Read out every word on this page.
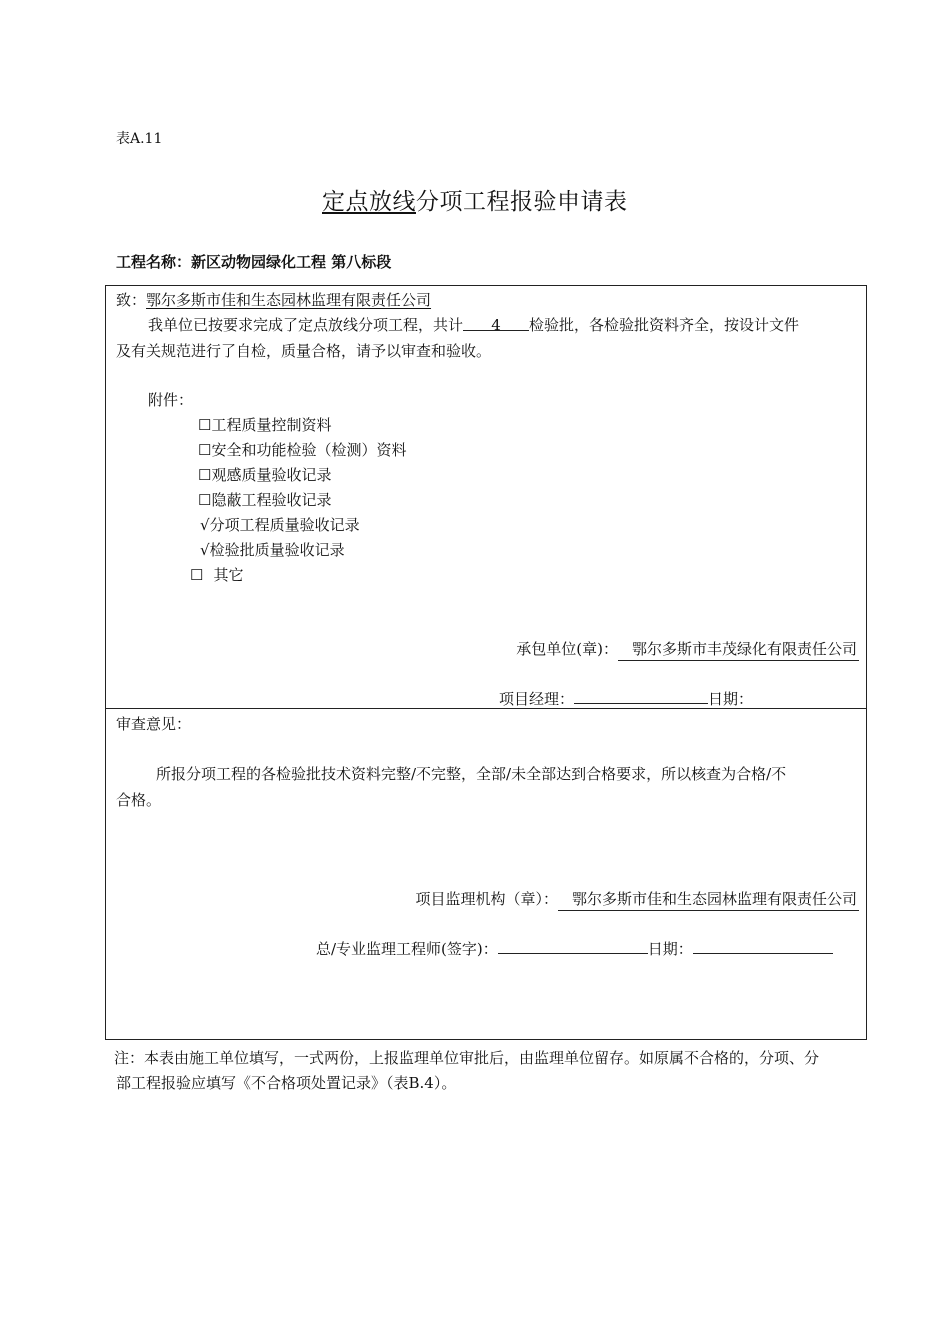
表A.11
定点放线分项工程报验申请表
工程名称：新区动物园绿化工程 第八标段
致：鄂尔多斯市佳和生态园林监理有限责任公司
我单位已按要求完成了定点放线分项工程，共计 4 检验批，各检验批资料齐全，按设计文件
及有关规范进行了自检，质量合格，请予以审查和验收。
附件：
☐工程质量控制资料
☐安全和功能检验（检测）资料
☐观感质量验收记录
☐隐蔽工程验收记录
√分项工程质量验收记录
√检验批质量验收记录
☐ 其它
承包单位(章)： 鄂尔多斯市丰茂绿化有限责任公司
项目经理：	日期：
审查意见：
所报分项工程的各检验批技术资料完整/不完整，全部/未全部达到合格要求，所以核查为合格/不
合格。
项目监理机构（章）： 鄂尔多斯市佳和生态园林监理有限责任公司
总/专业监理工程师(签字)：	日期：
注：本表由施工单位填写，一式两份，上报监理单位审批后，由监理单位留存。如原属不合格的，分项、分
部工程报验应填写《不合格项处置记录》（表B.4）。
